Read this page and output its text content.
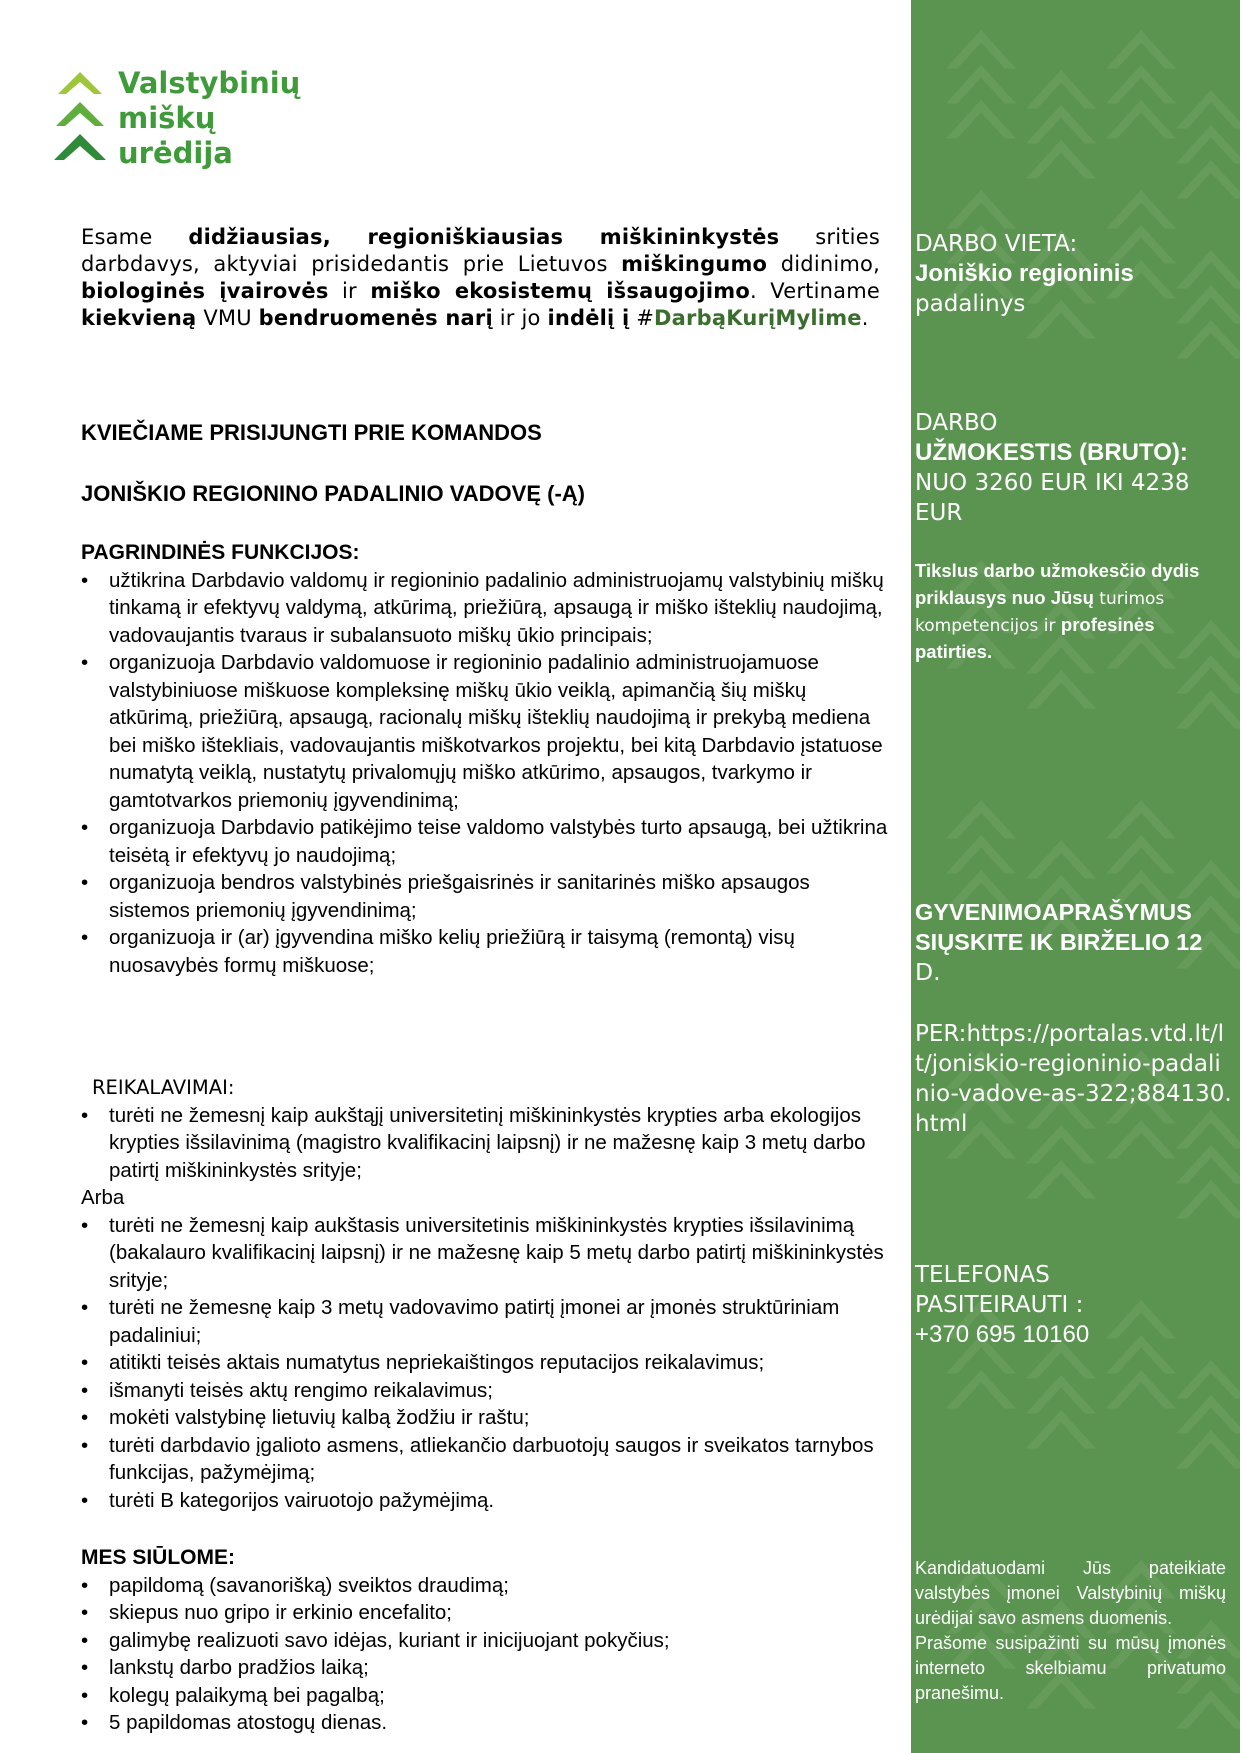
Valstybinių
miškų
urėdija
Esame didžiausias, regioniškiausias miškininkystės srities darbdavys, aktyviai prisidedantis prie Lietuvos miškingumo didinimo, biologinės įvairovės ir miško ekosistemų išsaugojimo. Vertiname kiekvieną VMU bendruomenės narį ir jo indėlį į #DarbąKurįMylime.
KVIEČIAME PRISIJUNGTI PRIE KOMANDOS
JONIŠKIO REGIONINO PADALINIO VADOVĘ (-Ą)
PAGRINDINĖS FUNKCIJOS:
• užtikrina Darbdavio valdomų ir regioninio padalinio administruojamų valstybinių miškų tinkamą ir efektyvų valdymą, atkūrimą, priežiūrą, apsaugą ir miško išteklių naudojimą, vadovaujantis tvaraus ir subalansuoto miškų ūkio principais;
• organizuoja Darbdavio valdomuose ir regioninio padalinio administruojamuose valstybiniuose miškuose kompleksinę miškų ūkio veiklą, apimančią šių miškų atkūrimą, priežiūrą, apsaugą, racionalų miškų išteklių naudojimą ir prekybą mediena bei miško ištekliais, vadovaujantis miškotvarkos projektu, bei kitą Darbdavio įstatuose numatytą veiklą, nustatytų privalomųjų miško atkūrimo, apsaugos, tvarkymo ir gamtotvarkos priemonių įgyvendinimą;
• organizuoja Darbdavio patikėjimo teise valdomo valstybės turto apsaugą, bei užtikrina teisėtą ir efektyvų jo naudojimą;
• organizuoja bendros valstybinės priešgaisrinės ir sanitarinės miško apsaugos sistemos priemonių įgyvendinimą;
• organizuoja ir (ar) įgyvendina miško kelių priežiūrą ir taisymą (remontą) visų nuosavybės formų miškuose;
REIKALAVIMAI:
• turėti ne žemesnį kaip aukštąjį universitetinį miškininkystės krypties arba ekologijos krypties išsilavinimą (magistro kvalifikacinį laipsnį) ir ne mažesnę kaip 3 metų darbo patirtį miškininkystės srityje;
Arba
• turėti ne žemesnį kaip aukštasis universitetinis miškininkystės krypties išsilavinimą (bakalauro kvalifikacinį laipsnį) ir ne mažesnę kaip 5 metų darbo patirtį miškininkystės srityje;
• turėti ne žemesnę kaip 3 metų vadovavimo patirtį įmonei ar įmonės struktūriniam padaliniui;
• atitikti teisės aktais numatytus nepriekaištingos reputacijos reikalavimus;
• išmanyti teisės aktų rengimo reikalavimus;
• mokėti valstybinę lietuvių kalbą žodžiu ir raštu;
• turėti darbdavio įgalioto asmens, atliekančio darbuotojų saugos ir sveikatos tarnybos funkcijas, pažymėjimą;
• turėti B kategorijos vairuotojo pažymėjimą.
MES SIŪLOME:
• papildomą (savanorišką) sveiktos draudimą;
• skiepus nuo gripo ir erkinio encefalito;
• galimybę realizuoti savo idėjas, kuriant ir inicijuojant pokyčius;
• lankstų darbo pradžios laiką;
• kolegų palaikymą bei pagalbą;
• 5 papildomas atostogų dienas.
DARBO VIETA:
Joniškio regioninis
padalinys
DARBO
UŽMOKESTIS (BRUTO):
NUO 3260 EUR IKI 4238 EUR
Tikslus darbo užmokesčio dydis priklausys nuo Jūsų turimos kompetencijos ir profesinės patirties.
GYVENIMOAPRAŠYMUS SIŲSKITE IK BIRŽELIO 12
D.
PER:https://portalas.vtd.lt/lt/joniskio-regioninio-padalinio-vadove-as-322;884130.html
TELEFONAS PASITEIRAUTI :
+370 695 10160
Kandidatuodami Jūs pateikiate valstybės įmonei Valstybinių miškų urėdijai savo asmens duomenis.
Prašome susipažinti su mūsų įmonės interneto skelbiamu privatumo pranešimu.
